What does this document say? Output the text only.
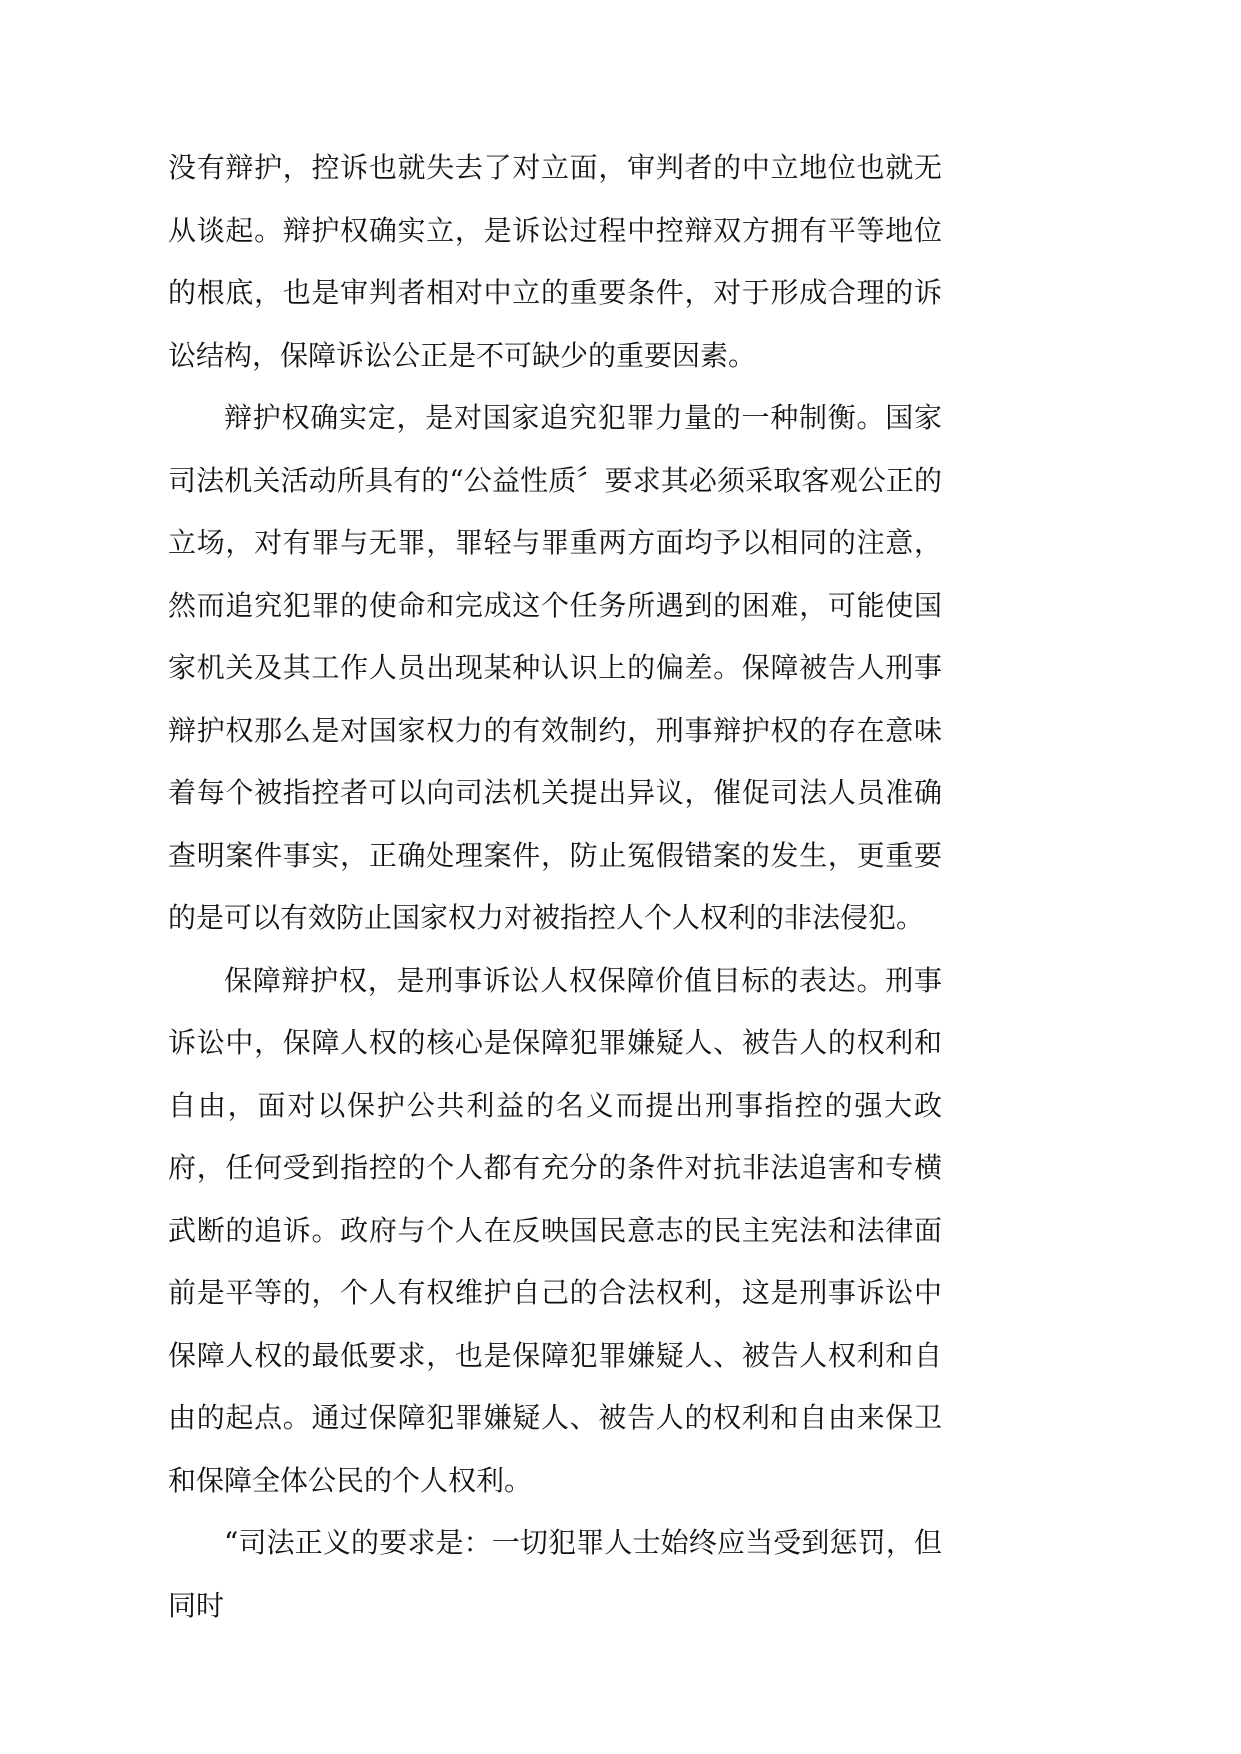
没有辩护，控诉也就失去了对立面，审判者的中立地位也就无从谈起。辩护权确实立，是诉讼过程中控辩双方拥有平等地位的根底，也是审判者相对中立的重要条件，对于形成合理的诉讼结构，保障诉讼公正是不可缺少的重要因素。

辩护权确实定，是对国家追究犯罪力量的一种制衡。国家司法机关活动所具有的“公益性质〞要求其必须采取客观公正的立场，对有罪与无罪，罪轻与罪重两方面均予以相同的注意，然而追究犯罪的使命和完成这个任务所遇到的困难，可能使国家机关及其工作人员出现某种认识上的偏差。保障被告人刑事辩护权那么是对国家权力的有效制约，刑事辩护权的存在意味着每个被指控者可以向司法机关提出异议，催促司法人员准确查明案件事实，正确处理案件，防止冤假错案的发生，更重要的是可以有效防止国家权力对被指控人个人权利的非法侵犯。

保障辩护权，是刑事诉讼人权保障价值目标的表达。刑事诉讼中，保障人权的核心是保障犯罪嫌疑人、被告人的权利和自由，面对以保护公共利益的名义而提出刑事指控的强大政府，任何受到指控的个人都有充分的条件对抗非法追害和专横武断的追诉。政府与个人在反映国民意志的民主宪法和法律面前是平等的，个人有权维护自己的合法权利，这是刑事诉讼中保障人权的最低要求，也是保障犯罪嫌疑人、被告人权利和自由的起点。通过保障犯罪嫌疑人、被告人的权利和自由来保卫和保障全体公民的个人权利。

“司法正义的要求是：一切犯罪人士始终应当受到惩罚，但同时
